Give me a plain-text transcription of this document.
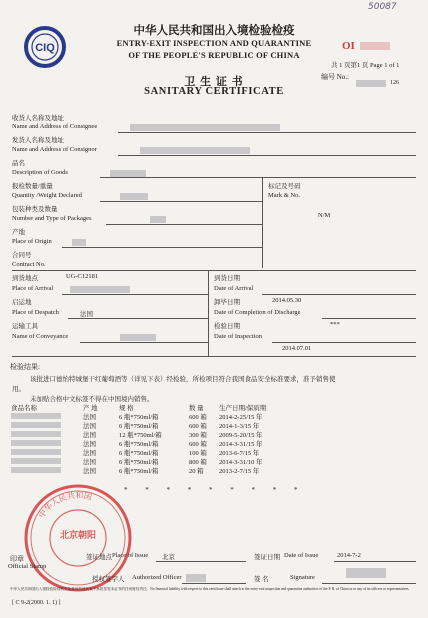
50087
CIQ
中华人民共和国出入境检验检疫
ENTRY-EXIT INSPECTION AND QUARANTINE
OF THE PEOPLE'S REPUBLIC OF CHINA
OI
共 1 页第1 页 Page 1 of 1
编号 No.:
126
卫 生 证 书
SANITARY CERTIFICATE
收货人名称及地址
Name and Address of Consignee
发货人名称及地址
Name and Address of Consignor
品名
Description of Goods
报检数量/重量
Quantity /Weight Declared
标记及号码
Mark & No.
N/M
包装种类及数量
Number and Type of Packages
产地
Place of Origin
合同号
Contract No.
到货地点	UG-C12181
Place of Arrival
到货日期
Date of Arrival
启运地
Place of Despatch	法国
卸毕日期	2014.05.30
Date of Completion of Discharge
运输工具
Name of Conveyance
检验日期	***
Date of Inspection
2014.07.01
检验结果:
该批进口德怡特城堡干红葡萄酒等（详见下表）经检验，所检项目符合我国食品安全标准要求，准予销售使
用。
未加贴合格中文标签不得在中国境内销售。
食品名称	产 地	规 格	数 量	生产日期/保质期
	法国	6 瓶*750ml/箱	600 箱	2014-2-25/15 年
	法国	6 瓶*750ml/箱	600 箱	2014-1-3/15 年
	法国	12 瓶*750ml/箱	300 箱	2009-5-20/15 年
	法国	6 瓶*750ml/箱	600 箱	2014-3-31/15 年
	法国	6 瓶*750ml/箱	100 箱	2013-6-7/15 年
	法国	6 瓶*750ml/箱	800 箱	2014-3-31/10 年
	法国	6 瓶*750ml/箱	20 箱	2013-2-7/15 年
* * * * * * * * *
中华人民共和国
北京朝阳
印章
Official Stamp
签证地点 Place of Issue 北京	签证日期 Date of Issue	2014-7-2
授权签字人 Authorized Officer	签 名	Signature
中华人民共和国出入境检验检疫机关及其官员或代表不承担签发本证书的任何财经责任。No financial liability with respect to this certificate shall attach to the entry-exit inspection and quarantine authorities of the P. R. of China or to any of its officers or representatives.
[ C 9-2(2000. 1. 1) ]
